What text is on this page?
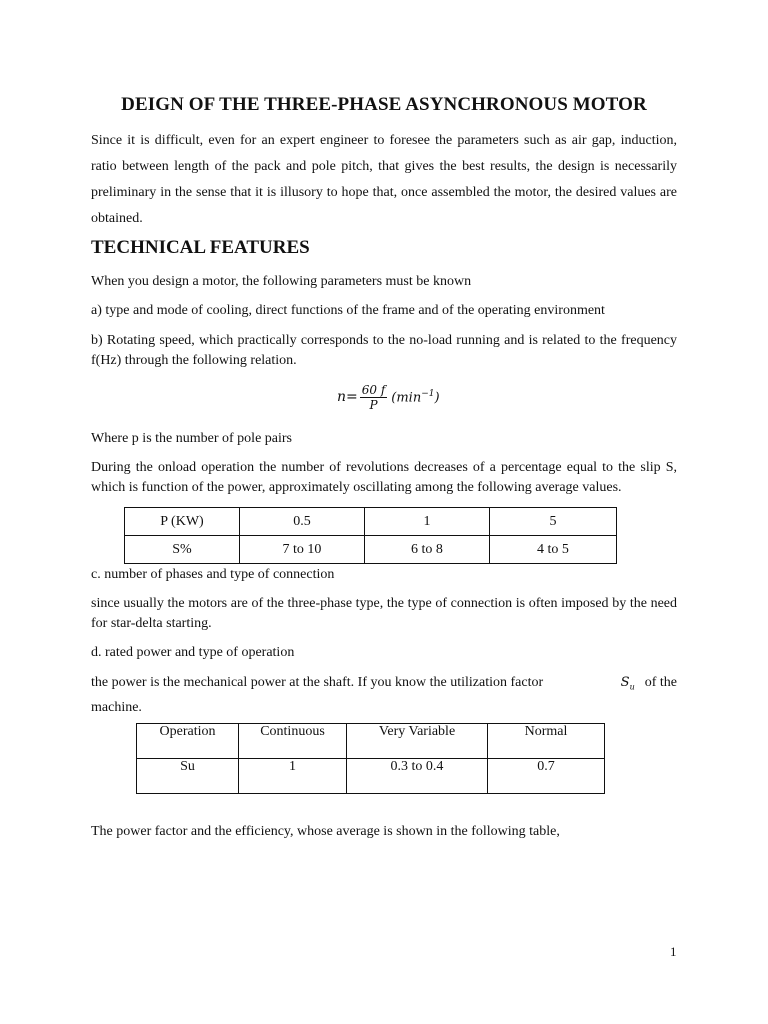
DEIGN OF THE THREE-PHASE ASYNCHRONOUS MOTOR
Since it is difficult, even for an expert engineer to foresee the parameters such as air gap, induction, ratio between length of the pack and pole pitch, that gives the best results, the design is necessarily preliminary in the sense that it is illusory to hope that, once assembled the motor, the desired values are obtained.
TECHNICAL FEATURES
When you design a motor, the following parameters must be known
a) type and mode of cooling, direct functions of the frame and of the operating environment
b) Rotating speed, which practically corresponds to the no-load running and is related to the frequency f(Hz) through the following relation.
$n= \frac{60 f}{P} (\min^{-1})$
Where p is the number of pole pairs
During the onload operation the number of revolutions decreases of a percentage equal to the slip S, which is function of the power, approximately oscillating among the following average values.
P (KW)	0.5	1	5
S%	7 to 10	6 to 8	4 to 5
c. number of phases and type of connection
since usually the motors are of the three-phase type, the type of connection is often imposed by the need for star-delta starting.
d. rated power and type of operation
the power is the mechanical power at the shaft. If you know the utilization factor	$S_u$ of the
machine.
Operation	Continuous	Very Variable	Normal
Su	1	0.3 to 0.4	0.7
The power factor and the efficiency, whose average is shown in the following table,
1
